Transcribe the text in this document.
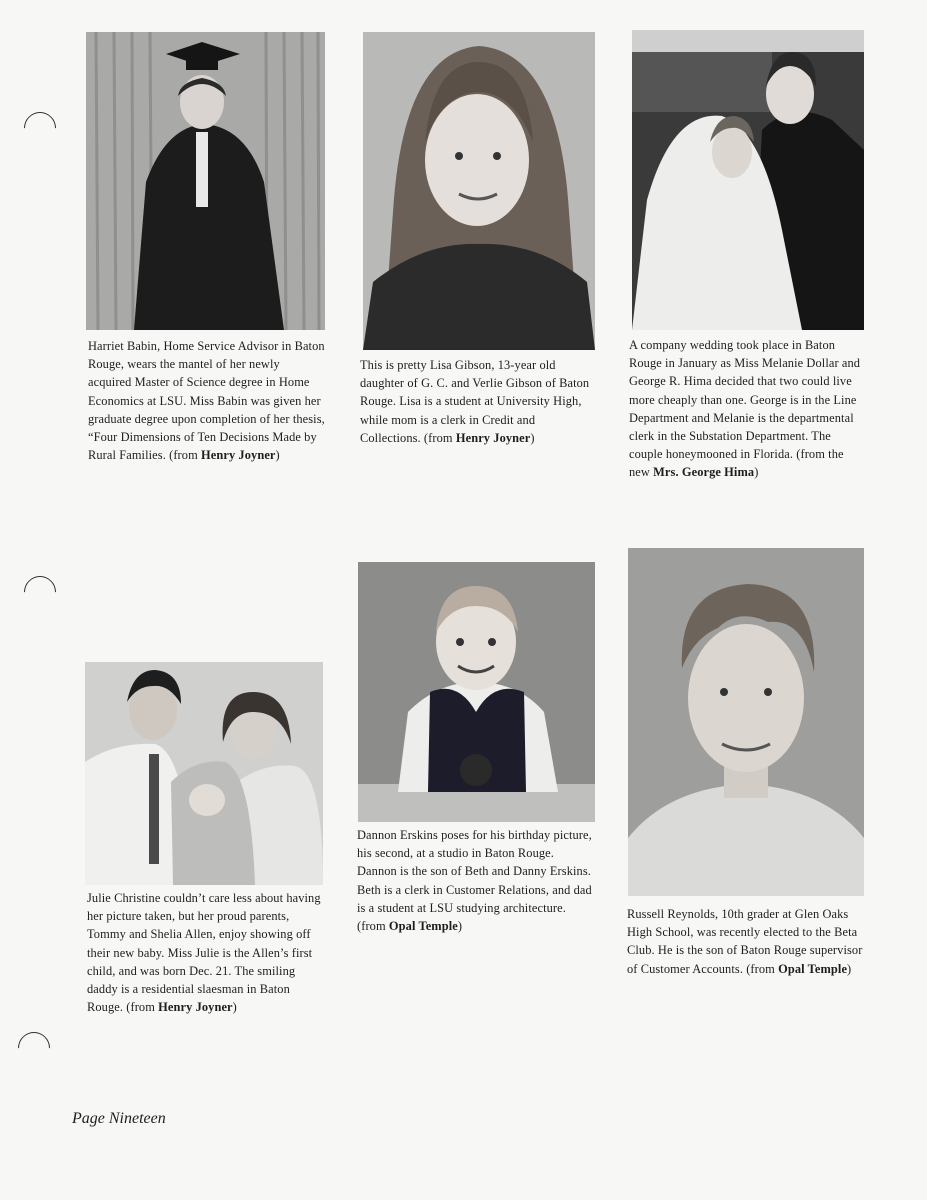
Harriet Babin, Home Service Advisor in Baton Rouge, wears the mantel of her newly acquired Master of Science degree in Home Economics at LSU. Miss Babin was given her graduate degree upon completion of her thesis, “Four Dimensions of Ten Decisions Made by Rural Families. (from Henry Joyner)

This is pretty Lisa Gibson, 13-year old daughter of G. C. and Verlie Gibson of Baton Rouge. Lisa is a student at University High, while mom is a clerk in Credit and Collections. (from Henry Joyner)

A company wedding took place in Baton Rouge in January as Miss Melanie Dollar and George R. Hima decided that two could live more cheaply than one. George is in the Line Department and Melanie is the departmental clerk in the Substation Department. The couple honeymooned in Florida. (from the new Mrs. George Hima)

Julie Christine couldn’t care less about having her picture taken, but her proud parents, Tommy and Shelia Allen, enjoy showing off their new baby. Miss Julie is the Allen’s first child, and was born Dec. 21. The smiling daddy is a residential slaesman in Baton Rouge. (from Henry Joyner)

Dannon Erskins poses for his birthday picture, his second, at a studio in Baton Rouge. Dannon is the son of Beth and Danny Erskins. Beth is a clerk in Customer Relations, and dad is a student at LSU studying architecture. (from Opal Temple)

Russell Reynolds, 10th grader at Glen Oaks High School, was recently elected to the Beta Club. He is the son of Baton Rouge supervisor of Customer Accounts. (from Opal Temple)

Page Nineteen
